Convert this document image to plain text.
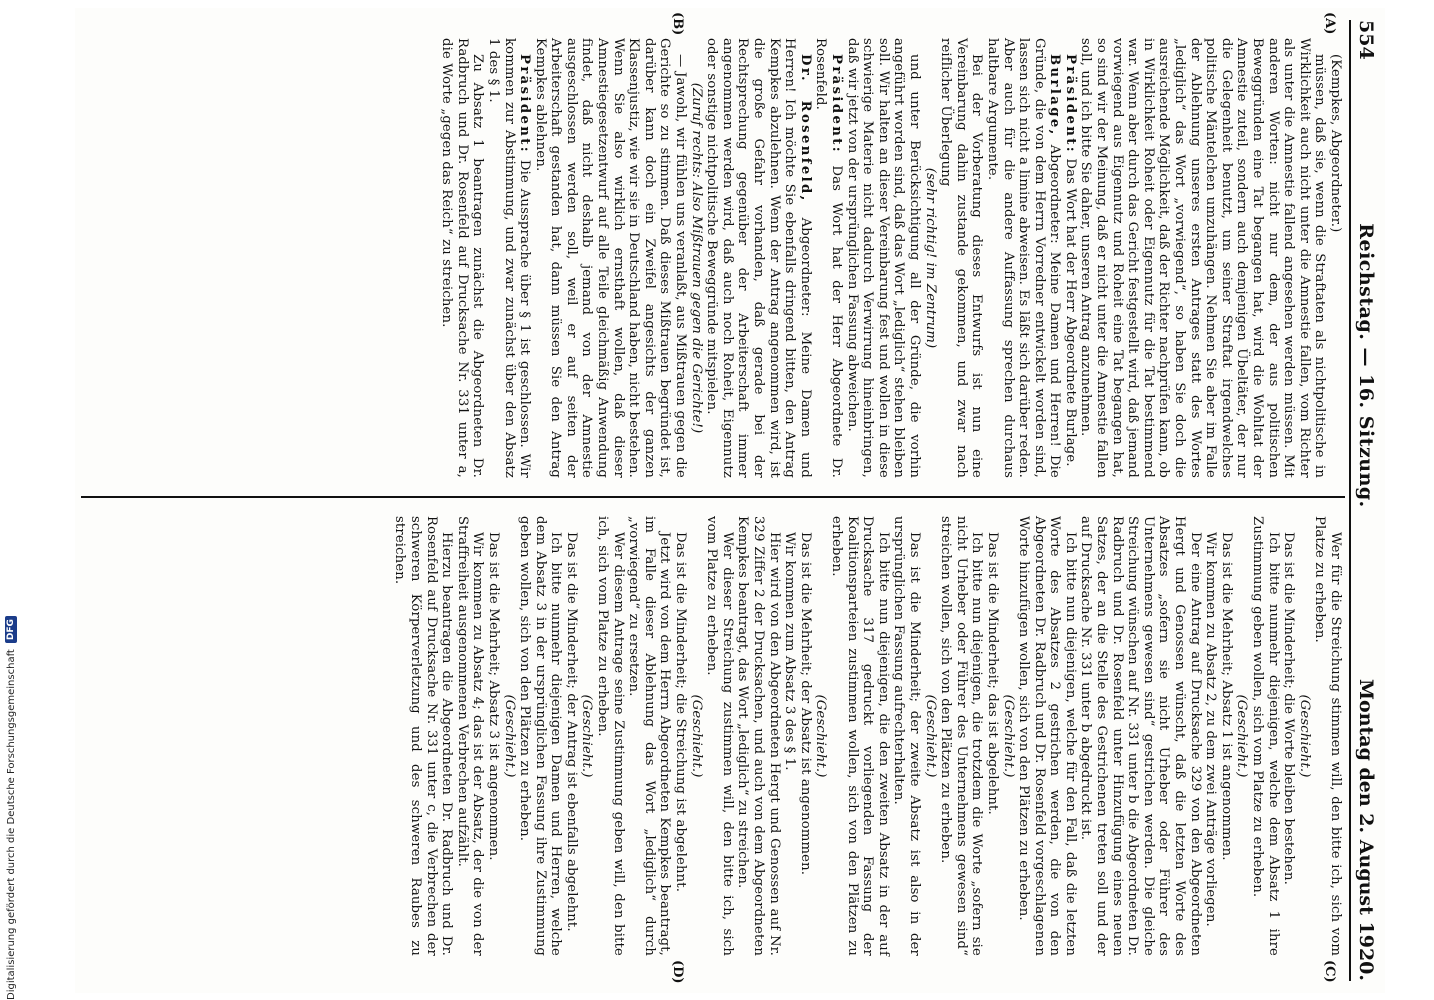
554
Reichstag. — 16. Sitzung.
Montag den 2. August 1920.
(A)
(B)
(C)
(D)

(Kempkes, Abgeordneter.)

müssen, daß sie, wenn die Straftaten als nichtpolitische in Wirklichkeit auch nicht unter die Amnestie fallen, vom Richter als unter die Amnestie fallend angesehen werden müssen. Mit anderen Worten: nicht nur dem, der aus politischen Beweggründen eine Tat begangen hat, wird die Wohltat der Amnestie zuteil, sondern auch demjenigen Übeltäter, der nur die Gelegenheit benutzt, um seiner Straftat irgendwelches politische Mäntelchen umzuhängen. Nehmen Sie aber im Falle der Ablehnung unseres ersten Antrages statt des Wortes „lediglich“ das Wort „vorwiegend“, so haben Sie doch die ausreichende Möglichkeit, daß der Richter nachprüfen kann, ob in Wirklichkeit Roheit oder Eigennutz für die Tat bestimmend war. Wenn aber durch das Gericht festgestellt wird, daß jemand vorwiegend aus Eigennutz und Roheit eine Tat begangen hat, so sind wir der Meinung, daß er nicht unter die Amnestie fallen soll, und ich bitte Sie daher, unseren Antrag anzunehmen.

Präsident: Das Wort hat der Herr Abgeordnete Burlage.

Burlage, Abgeordneter: Meine Damen und Herren! Die Gründe, die von dem Herrn Vorredner entwickelt worden sind, lassen sich nicht a limine abweisen. Es läßt sich darüber reden. Aber auch für die andere Auffassung sprechen durchaus haltbare Argumente.

Bei der Vorberatung dieses Entwurfs ist nun eine Vereinbarung dahin zustande gekommen, und zwar nach reiflicher Überlegung

(sehr richtig! im Zentrum)

und unter Berücksichtigung all der Gründe, die vorhin angeführt worden sind, daß das Wort „lediglich“ stehen bleiben soll. Wir halten an dieser Vereinbarung fest und wollen in diese schwierige Materie nicht dadurch Verwirrung hineinbringen, daß wir jetzt von der ursprünglichen Fassung abweichen.

Präsident: Das Wort hat der Herr Abgeordnete Dr. Rosenfeld.

Dr. Rosenfeld, Abgeordneter: Meine Damen und Herren! Ich möchte Sie ebenfalls dringend bitten, den Antrag Kempkes abzulehnen. Wenn der Antrag angenommen wird, ist die große Gefahr vorhanden, daß gerade bei der Rechtsprechung gegenüber der Arbeiterschaft immer angenommen werden wird, daß auch noch Roheit, Eigennutz oder sonstige nichtpolitische Beweggründe mitspielen.

(Zuruf rechts: Also Mißtrauen gegen die Gerichte!)

— Jawohl, wir fühlen uns veranlaßt, aus Mißtrauen gegen die Gerichte so zu stimmen. Daß dieses Mißtrauen begründet ist, darüber kann doch ein Zweifel angesichts der ganzen Klassenjustiz, wie wir sie in Deutschland haben, nicht bestehen. Wenn Sie also wirklich ernsthaft wollen, daß dieser Amnestiegesetzentwurf auf alle Teile gleichmäßig Anwendung findet, daß nicht deshalb jemand von der Amnestie ausgeschlossen werden soll, weil er auf seiten der Arbeiterschaft gestanden hat, dann müssen Sie den Antrag Kempkes ablehnen.

Präsident: Die Aussprache über § 1 ist geschlossen. Wir kommen zur Abstimmung, und zwar zunächst über den Absatz 1 des § 1.

Zu Absatz 1 beantragen zunächst die Abgeordneten Dr. Radbruch und Dr. Rosenfeld auf Drucksache Nr. 331 unter a, die Worte „gegen das Reich“ zu streichen.

Wer für die Streichung stimmen will, den bitte ich, sich vom Platze zu erheben.

(Geschieht.)

Das ist die Minderheit; die Worte bleiben bestehen.

Ich bitte nunmehr diejenigen, welche dem Absatz 1 ihre Zustimmung geben wollen, sich vom Platze zu erheben.

(Geschieht.)

Das ist die Mehrheit; Absatz 1 ist angenommen.

Wir kommen zu Absatz 2, zu dem zwei Anträge vorliegen.

Der eine Antrag auf Drucksache 329 von den Abgeordneten Hergt und Genossen wünscht, daß die letzten Worte des Absatzes „sofern sie nicht Urheber oder Führer des Unternehmens gewesen sind“ gestrichen werden. Die gleiche Streichung wünschen auf Nr. 331 unter b die Abgeordneten Dr. Radbruch und Dr. Rosenfeld unter Hinzufügung eines neuen Satzes, der an die Stelle des Gestrichenen treten soll und der auf Drucksache Nr. 331 unter b abgedruckt ist.

Ich bitte nun diejenigen, welche für den Fall, daß die letzten Worte des Absatzes 2 gestrichen werden, die von den Abgeordneten Dr. Radbruch und Dr. Rosenfeld vorgeschlagenen Worte hinzufügen wollen, sich von den Plätzen zu erheben.

(Geschieht.)

Das ist die Minderheit; das ist abgelehnt.

Ich bitte nun diejenigen, die trotzdem die Worte „sofern sie nicht Urheber oder Führer des Unternehmens gewesen sind“ streichen wollen, sich von den Plätzen zu erheben.

(Geschieht.)

Das ist die Minderheit; der zweite Absatz ist also in der ursprünglichen Fassung aufrechterhalten.

Ich bitte nun diejenigen, die den zweiten Absatz in der auf Drucksache 317 gedruckt vorliegenden Fassung der Koalitionsparteien zustimmen wollen, sich von den Plätzen zu erheben.

(Geschieht.)

Das ist die Mehrheit; der Absatz ist angenommen.

Wir kommen zum Absatz 3 des § 1.

Hier wird von den Abgeordneten Hergt und Genossen auf Nr. 329 Ziffer 2 der Drucksachen, und auch von dem Abgeordneten Kempkes beantragt, das Wort „lediglich“ zu streichen.

Wer dieser Streichung zustimmen will, den bitte ich, sich vom Platze zu erheben.

(Geschieht.)

Das ist die Minderheit; die Streichung ist abgelehnt.

Jetzt wird von dem Herrn Abgeordneten Kempkes beantragt, im Falle dieser Ablehnung das Wort „lediglich“ durch „vorwiegend“ zu ersetzen.

Wer diesem Antrage seine Zustimmung geben will, den bitte ich, sich vom Platze zu erheben.

(Geschieht.)

Das ist die Minderheit; der Antrag ist ebenfalls abgelehnt.

Ich bitte nunmehr diejenigen Damen und Herren, welche dem Absatz 3 in der ursprünglichen Fassung ihre Zustimmung geben wollen, sich von den Plätzen zu erheben.

(Geschieht.)

Das ist die Mehrheit; Absatz 3 ist angenommen.

Wir kommen zu Absatz 4; das ist der Absatz, der die von der Straffreiheit ausgenommenen Verbrechen aufzählt.

Hierzu beantragen die Abgeordneten Dr. Radbruch und Dr. Rosenfeld auf Drucksache Nr. 331 unter c, die Verbrechen der schweren Körperverletzung und des schweren Raubes zu streichen.

Digitalisierung gefördert durch die Deutsche Forschungsgemeinschaft
DFG
